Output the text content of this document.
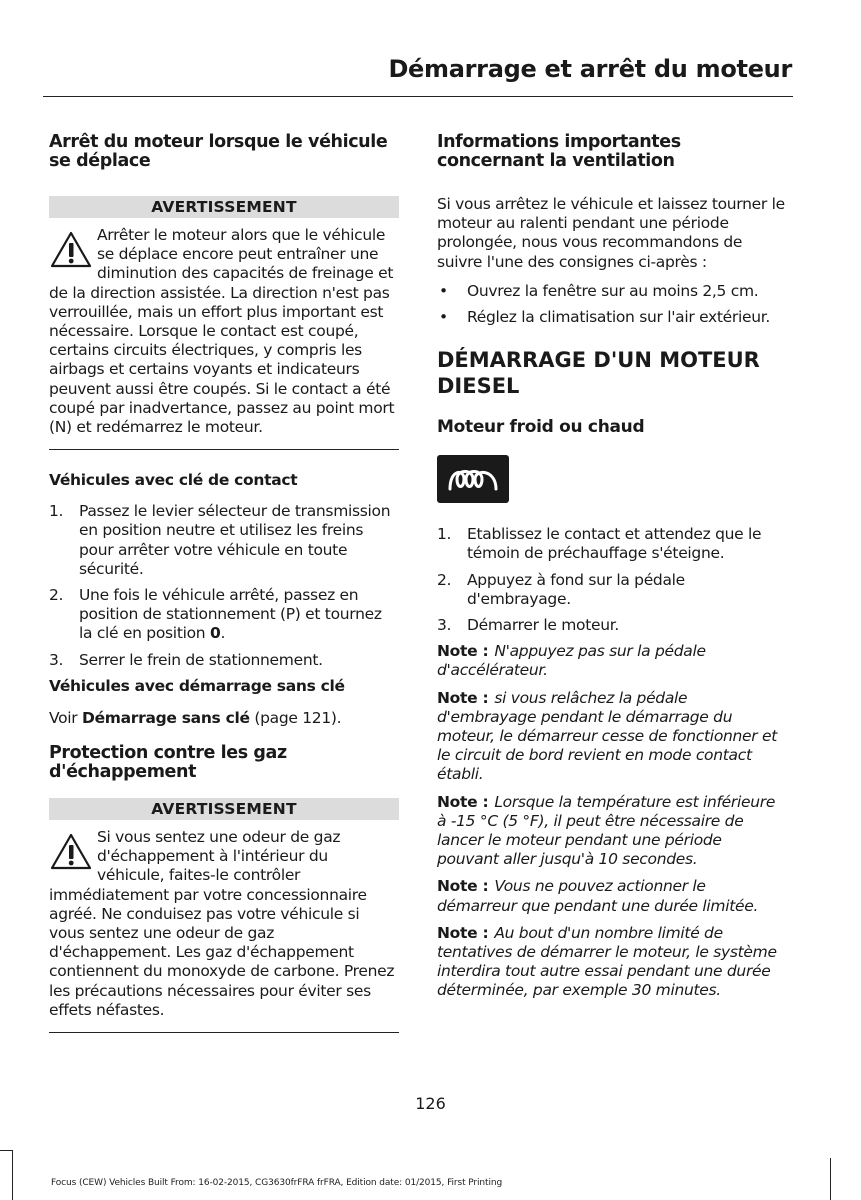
Démarrage et arrêt du moteur
Arrêt du moteur lorsque le véhicule se déplace
AVERTISSEMENT
Arrêter le moteur alors que le véhicule se déplace encore peut entraîner une diminution des capacités de freinage et de la direction assistée. La direction n'est pas verrouillée, mais un effort plus important est nécessaire. Lorsque le contact est coupé, certains circuits électriques, y compris les airbags et certains voyants et indicateurs peuvent aussi être coupés. Si le contact a été coupé par inadvertance, passez au point mort (N) et redémarrez le moteur.
Véhicules avec clé de contact
1. Passez le levier sélecteur de transmission en position neutre et utilisez les freins pour arrêter votre véhicule en toute sécurité.
2. Une fois le véhicule arrêté, passez en position de stationnement (P) et tournez la clé en position 0.
3. Serrer le frein de stationnement.
Véhicules avec démarrage sans clé

Voir Démarrage sans clé (page 121).

Protection contre les gaz d'échappement
AVERTISSEMENT
Si vous sentez une odeur de gaz d'échappement à l'intérieur du véhicule, faites-le contrôler immédiatement par votre concessionnaire agréé. Ne conduisez pas votre véhicule si vous sentez une odeur de gaz d'échappement. Les gaz d'échappement contiennent du monoxyde de carbone. Prenez les précautions nécessaires pour éviter ses effets néfastes.
Informations importantes concernant la ventilation

Si vous arrêtez le véhicule et laissez tourner le moteur au ralenti pendant une période prolongée, nous vous recommandons de suivre l'une des consignes ci-après :

• Ouvrez la fenêtre sur au moins 2,5 cm.
• Réglez la climatisation sur l'air extérieur.
DÉMARRAGE D'UN MOTEUR DIESEL
Moteur froid ou chaud
1. Etablissez le contact et attendez que le témoin de préchauffage s'éteigne.
2. Appuyez à fond sur la pédale d'embrayage.
3. Démarrer le moteur.

Note : N'appuyez pas sur la pédale d'accélérateur.

Note : si vous relâchez la pédale d'embrayage pendant le démarrage du moteur, le démarreur cesse de fonctionner et le circuit de bord revient en mode contact établi.

Note : Lorsque la température est inférieure à -15 °C (5 °F), il peut être nécessaire de lancer le moteur pendant une période pouvant aller jusqu'à 10 secondes.

Note : Vous ne pouvez actionner le démarreur que pendant une durée limitée.

Note : Au bout d'un nombre limité de tentatives de démarrer le moteur, le système interdira tout autre essai pendant une durée déterminée, par exemple 30 minutes.

126
Focus (CEW) Vehicles Built From: 16-02-2015, CG3630frFRA frFRA, Edition date: 01/2015, First Printing
